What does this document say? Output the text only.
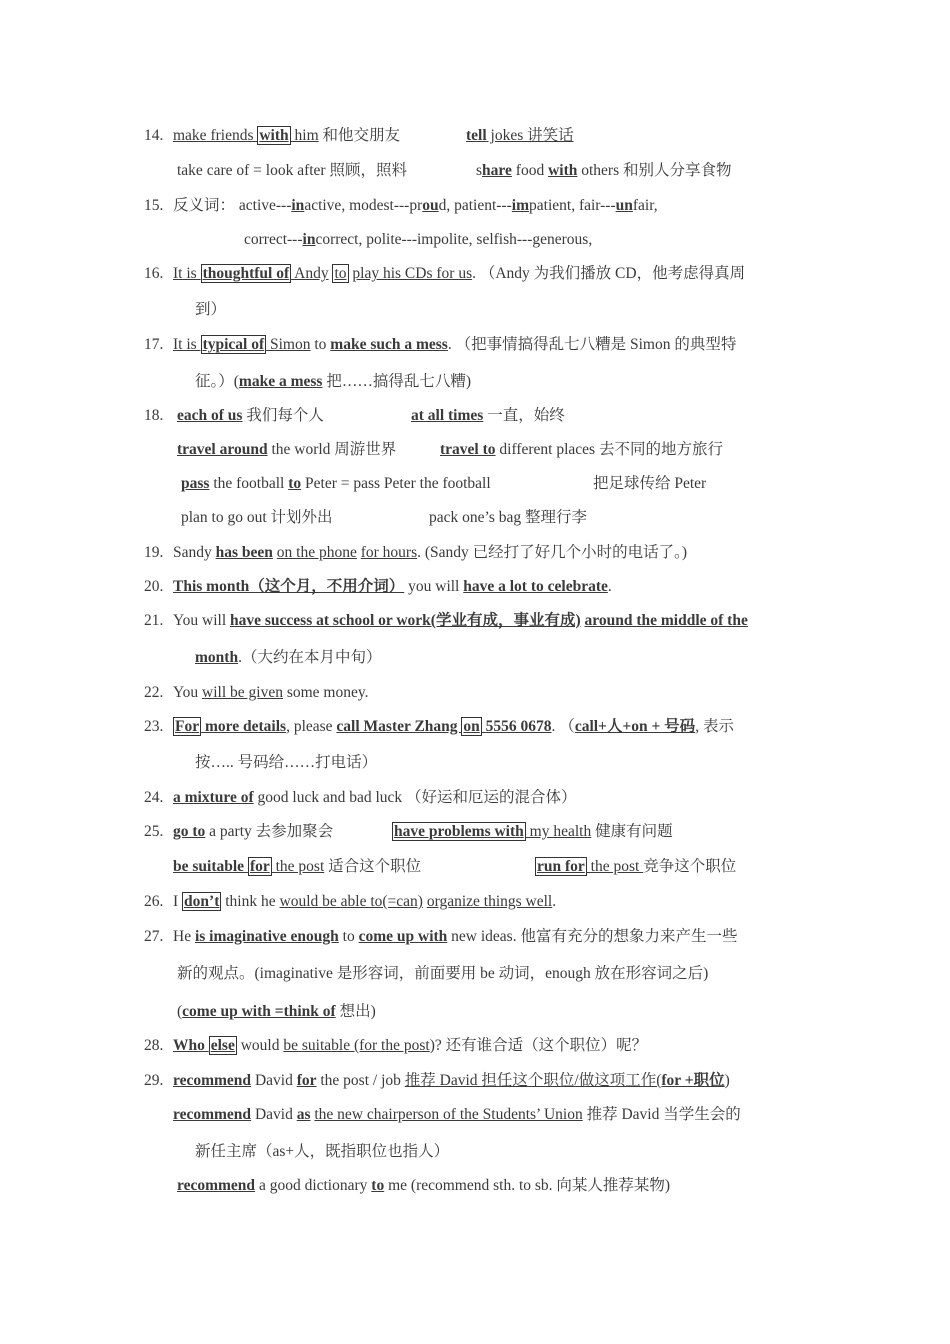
14. make friends with him 和他交朋友	tell jokes 讲笑话
take care of = look after 照顾，照料	share food with others 和别人分享食物
15. 反义词： active---inactive, modest---proud, patient---impatient, fair---unfair,
correct---incorrect, polite---impolite, selfish---generous,
16. It is thoughtful of Andy to play his CDs for us. （Andy 为我们播放 CD，他考虑得真周
到）
17. It is typical of Simon to make such a mess. （把事情搞得乱七八糟是 Simon 的典型特
征。）(make a mess 把……搞得乱七八糟)
18. each of us 我们每个人	at all times 一直，始终
travel around the world 周游世界	travel to different places 去不同的地方旅行
pass the football to Peter = pass Peter the football	把足球传给 Peter
plan to go out 计划外出	pack one’s bag 整理行李
19. Sandy has been on the phone for hours. (Sandy 已经打了好几个小时的电话了。)
20. This month（这个月，不用介词） you will have a lot to celebrate.
21. You will have success at school or work(学业有成，事业有成) around the middle of the
month.（大约在本月中旬）
22. You will be given some money.
23. For more details, please call Master Zhang on 5556 0678. （call+人+on + 号码, 表示
按….. 号码给……打电话）
24. a mixture of good luck and bad luck （好运和厄运的混合体）
25. go to a party 去参加聚会	have problems with my health 健康有问题
be suitable for the post 适合这个职位	run for the post 竞争这个职位
26. I don’t think he would be able to(=can) organize things well.
27. He is imaginative enough to come up with new ideas. 他富有充分的想象力来产生一些
新的观点。(imaginative 是形容词，前面要用 be 动词，enough 放在形容词之后)
(come up with =think of 想出)
28. Who else would be suitable (for the post)? 还有谁合适（这个职位）呢？
29. recommend David for the post / job 推荐 David 担任这个职位/做这项工作(for +职位)
recommend David as the new chairperson of the Students’ Union 推荐 David 当学生会的
新任主席（as+人，既指职位也指人）
recommend a good dictionary to me (recommend sth. to sb. 向某人推荐某物)
